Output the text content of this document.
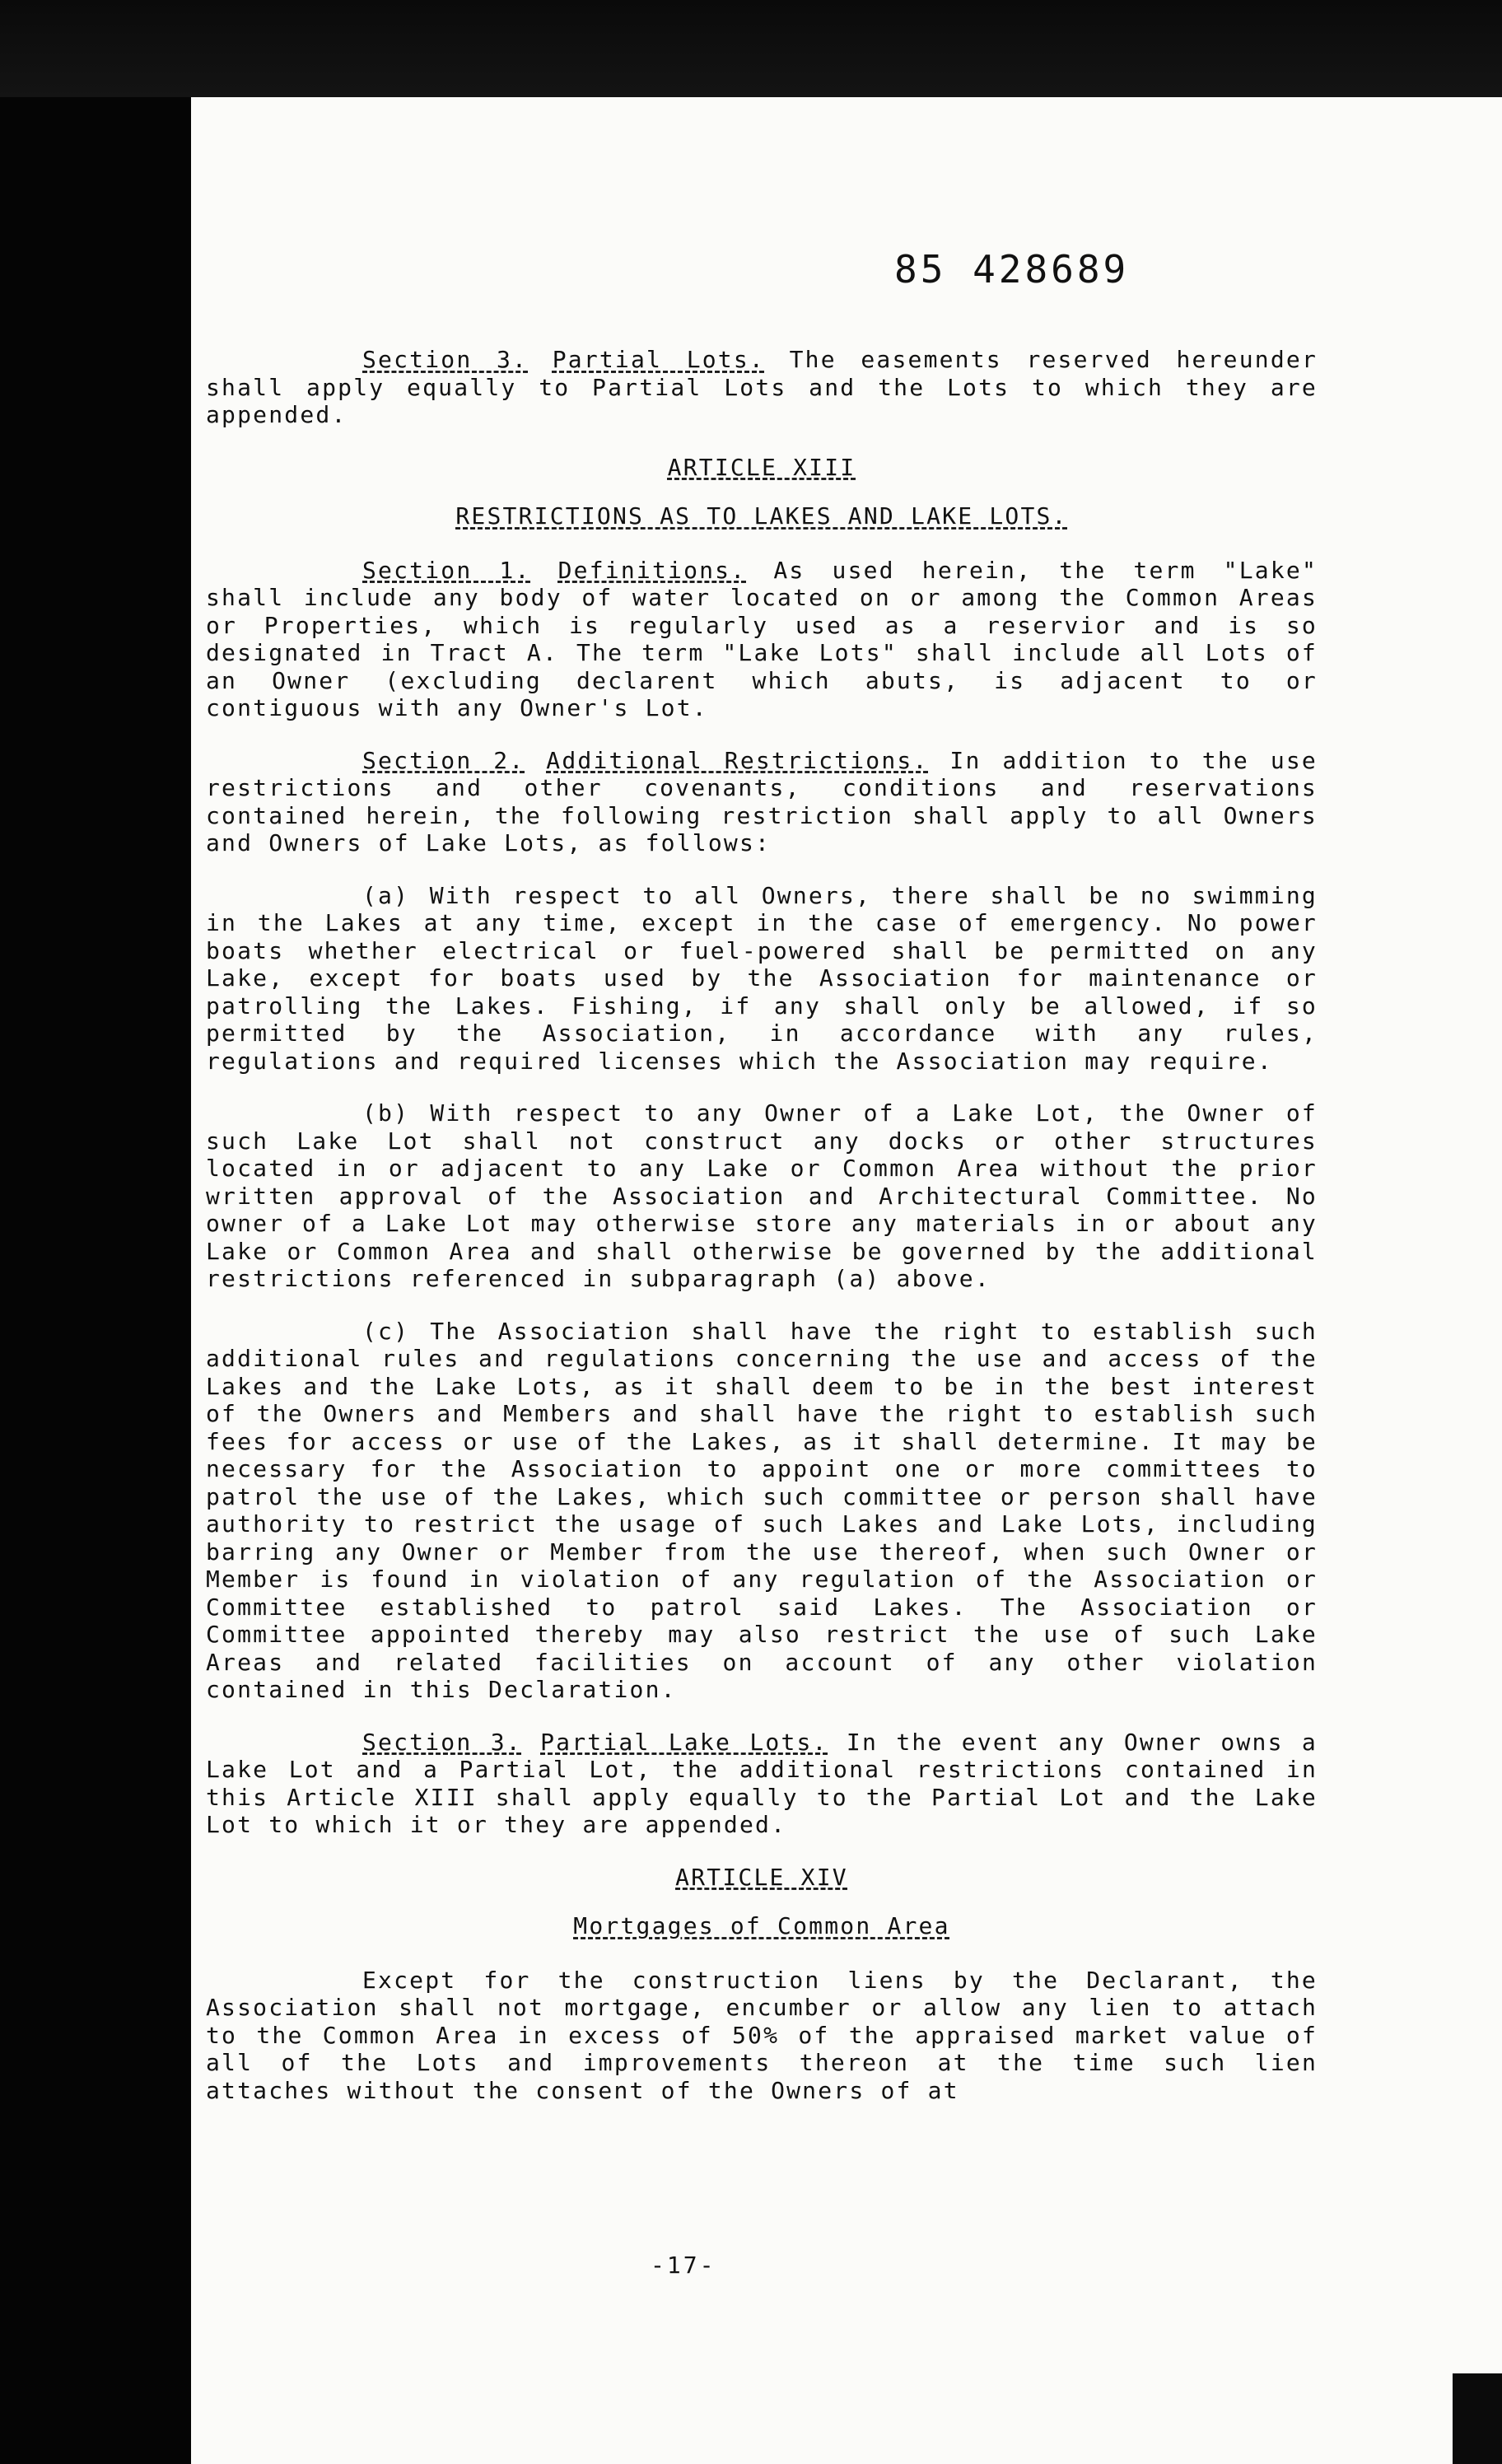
85 428689

Section 3. Partial Lots. The easements reserved hereunder shall apply equally to Partial Lots and the Lots to which they are appended.

ARTICLE XIII
RESTRICTIONS AS TO LAKES AND LAKE LOTS.

Section 1. Definitions. As used herein, the term "Lake" shall include any body of water located on or among the Common Areas or Properties, which is regularly used as a reservior and is so designated in Tract A. The term "Lake Lots" shall include all Lots of an Owner (excluding declarent which abuts, is adjacent to or contiguous with any Owner's Lot.

Section 2. Additional Restrictions. In addition to the use restrictions and other covenants, conditions and reservations contained herein, the following restriction shall apply to all Owners and Owners of Lake Lots, as follows:

(a) With respect to all Owners, there shall be no swimming in the Lakes at any time, except in the case of emergency. No power boats whether electrical or fuel-powered shall be permitted on any Lake, except for boats used by the Association for maintenance or patrolling the Lakes. Fishing, if any shall only be allowed, if so permitted by the Association, in accordance with any rules, regulations and required licenses which the Association may require.

(b) With respect to any Owner of a Lake Lot, the Owner of such Lake Lot shall not construct any docks or other structures located in or adjacent to any Lake or Common Area without the prior written approval of the Association and Architectural Committee. No owner of a Lake Lot may otherwise store any materials in or about any Lake or Common Area and shall otherwise be governed by the additional restrictions referenced in subparagraph (a) above.

(c) The Association shall have the right to establish such additional rules and regulations concerning the use and access of the Lakes and the Lake Lots, as it shall deem to be in the best interest of the Owners and Members and shall have the right to establish such fees for access or use of the Lakes, as it shall determine. It may be necessary for the Association to appoint one or more committees to patrol the use of the Lakes, which such committee or person shall have authority to restrict the usage of such Lakes and Lake Lots, including barring any Owner or Member from the use thereof, when such Owner or Member is found in violation of any regulation of the Association or Committee established to patrol said Lakes. The Association or Committee appointed thereby may also restrict the use of such Lake Areas and related facilities on account of any other violation contained in this Declaration.

Section 3. Partial Lake Lots. In the event any Owner owns a Lake Lot and a Partial Lot, the additional restrictions contained in this Article XIII shall apply equally to the Partial Lot and the Lake Lot to which it or they are appended.

ARTICLE XIV
Mortgages of Common Area

Except for the construction liens by the Declarant, the Association shall not mortgage, encumber or allow any lien to attach to the Common Area in excess of 50% of the appraised market value of all of the Lots and improvements thereon at the time such lien attaches without the consent of the Owners of at

-17-
